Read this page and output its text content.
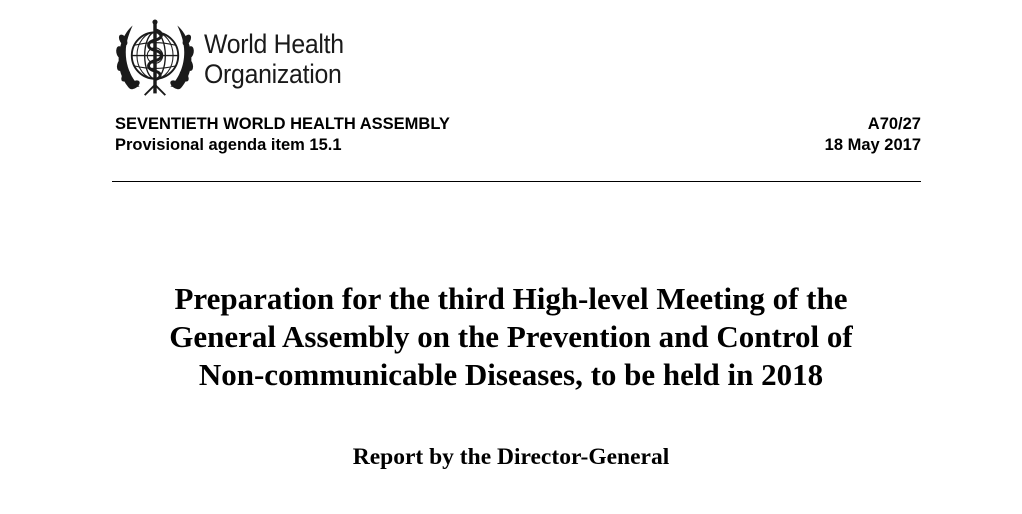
World Health
Organization
SEVENTIETH WORLD HEALTH ASSEMBLY
Provisional agenda item 15.1
A70/27
18 May 2017
Preparation for the third High-level Meeting of the
General Assembly on the Prevention and Control of
Non-communicable Diseases, to be held in 2018
Report by the Director-General
